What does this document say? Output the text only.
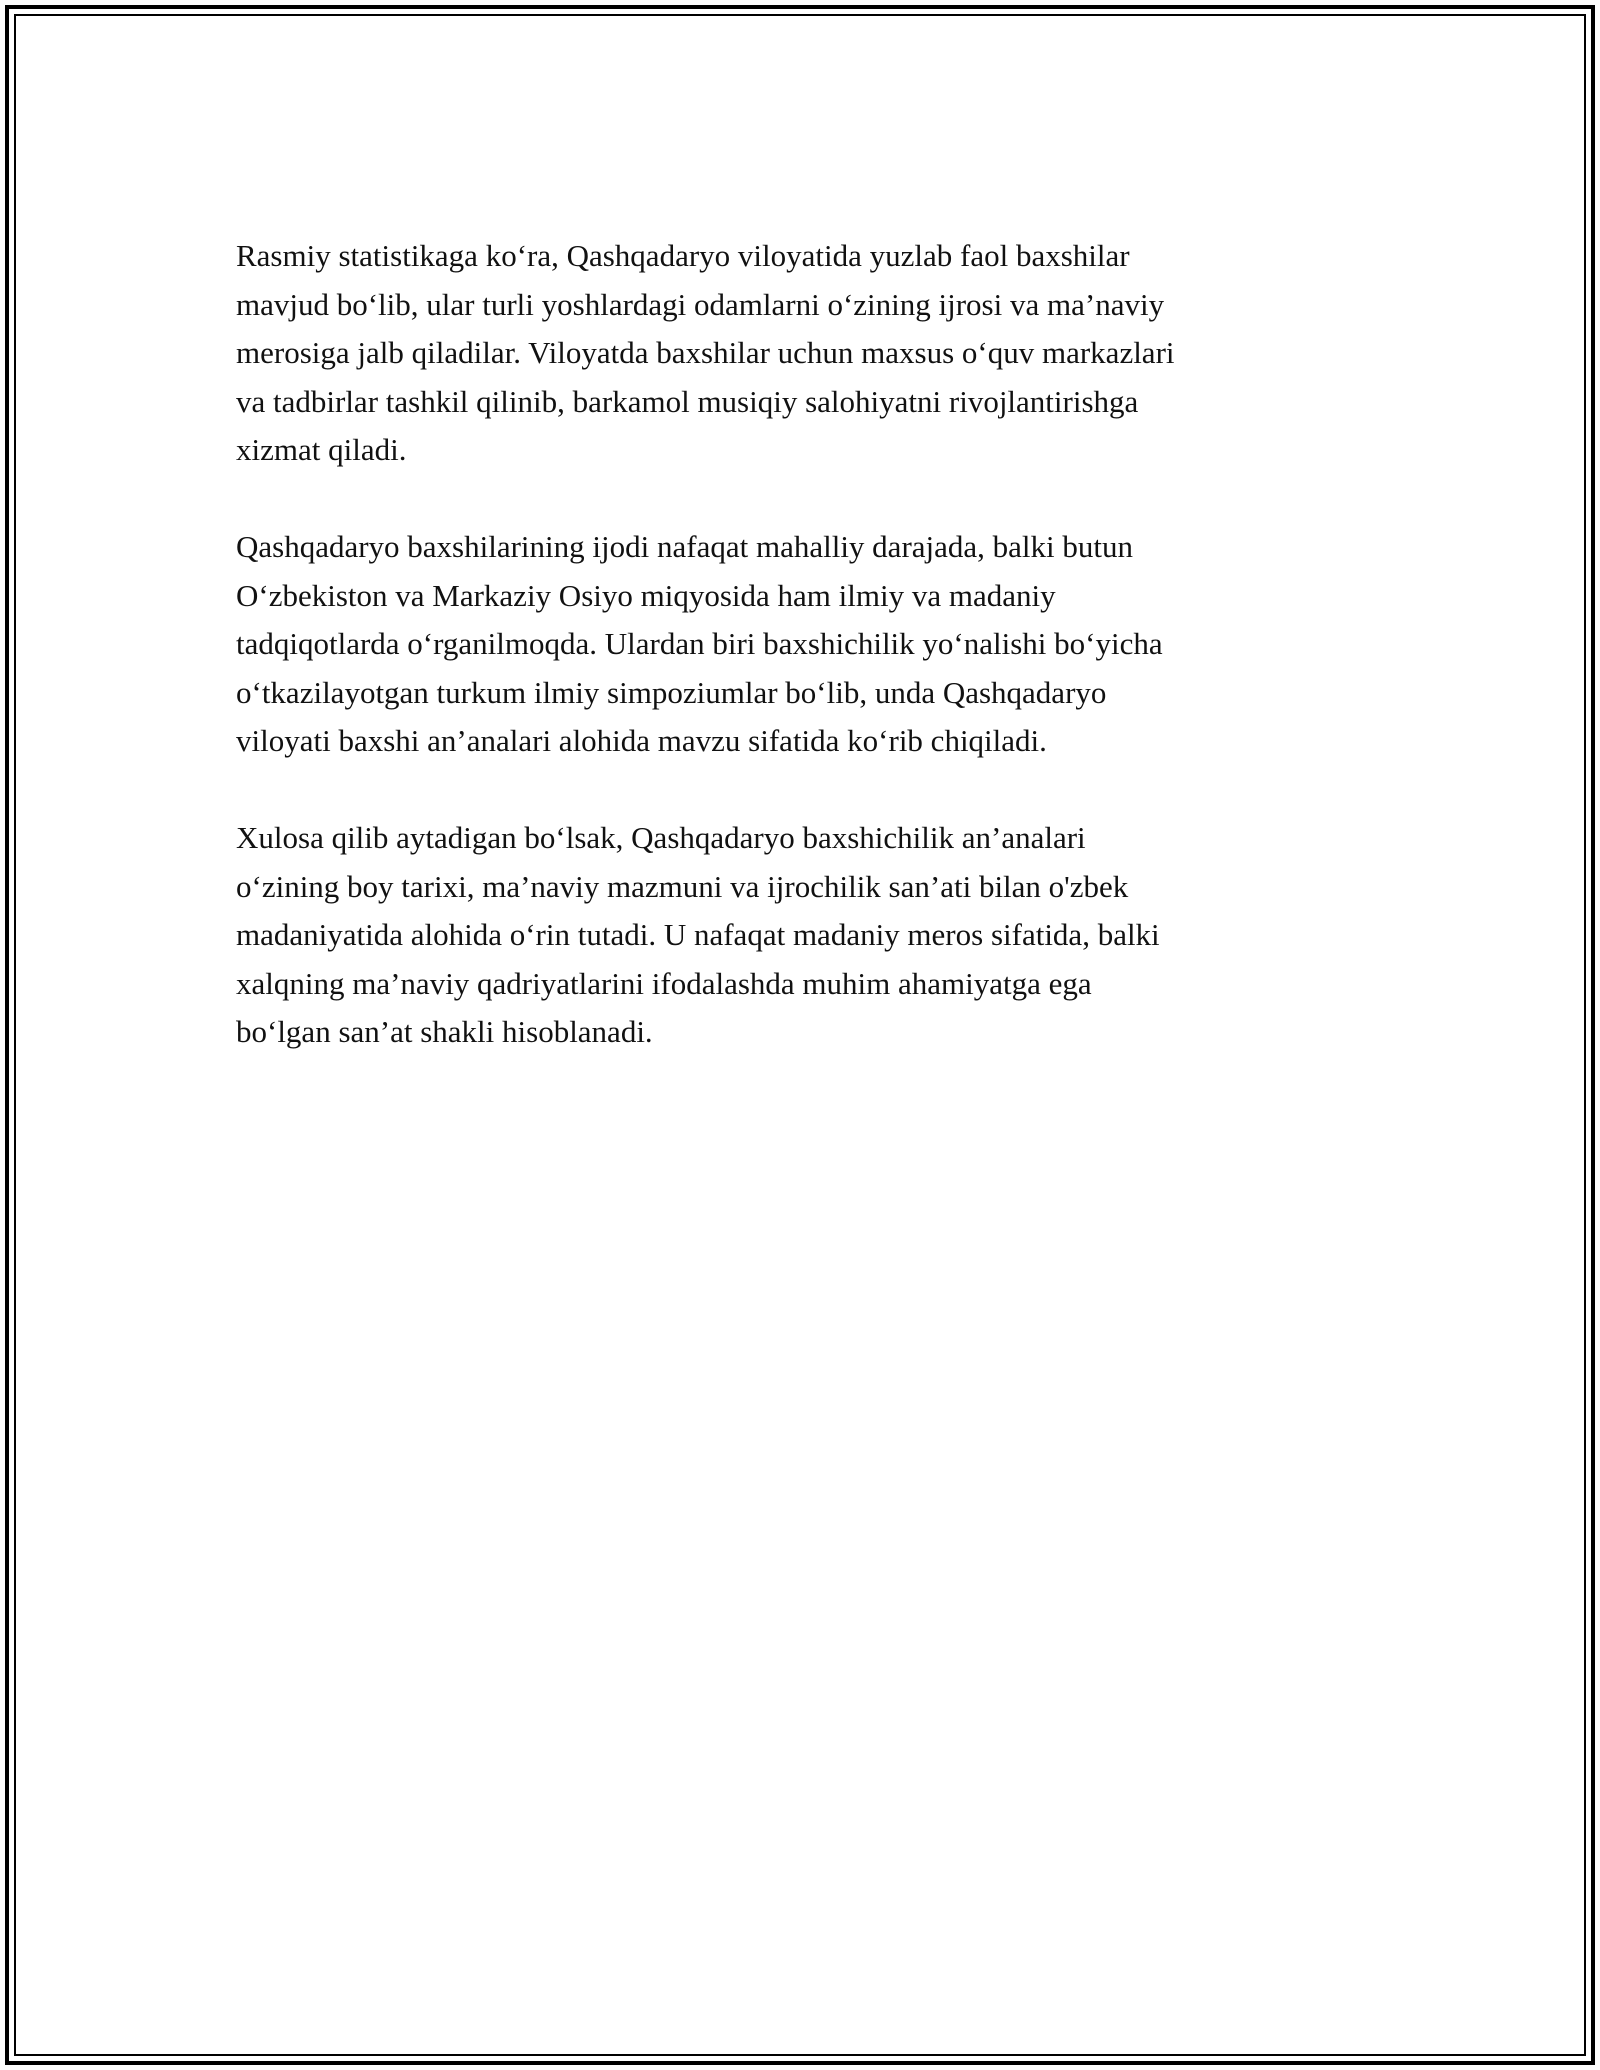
Rasmiy statistikaga ko‘ra, Qashqadaryo viloyatida yuzlab faol baxshilar
mavjud bo‘lib, ular turli yoshlardagi odamlarni o‘zining ijrosi va ma’naviy
merosiga jalb qiladilar. Viloyatda baxshilar uchun maxsus o‘quv markazlari
va tadbirlar tashkil qilinib, barkamol musiqiy salohiyatni rivojlantirishga
xizmat qiladi.

Qashqadaryo baxshilarining ijodi nafaqat mahalliy darajada, balki butun
O‘zbekiston va Markaziy Osiyo miqyosida ham ilmiy va madaniy
tadqiqotlarda o‘rganilmoqda. Ulardan biri baxshichilik yo‘nalishi bo‘yicha
o‘tkazilayotgan turkum ilmiy simpoziumlar bo‘lib, unda Qashqadaryo
viloyati baxshi an’analari alohida mavzu sifatida ko‘rib chiqiladi.

Xulosa qilib aytadigan bo‘lsak, Qashqadaryo baxshichilik an’analari
o‘zining boy tarixi, ma’naviy mazmuni va ijrochilik san’ati bilan o'zbek
madaniyatida alohida o‘rin tutadi. U nafaqat madaniy meros sifatida, balki
xalqning ma’naviy qadriyatlarini ifodalashda muhim ahamiyatga ega
bo‘lgan san’at shakli hisoblanadi.
